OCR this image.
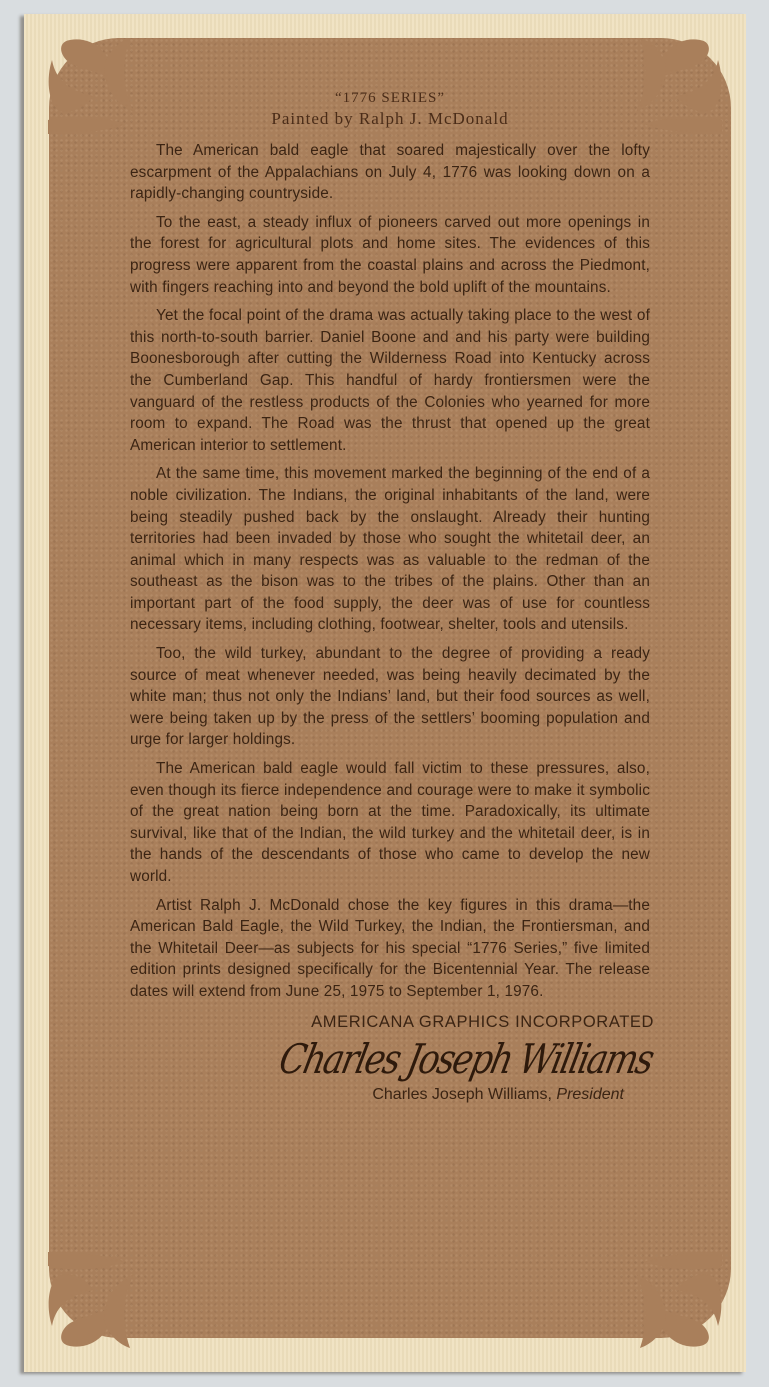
“1776 SERIES”

Painted by Ralph J. McDonald

The American bald eagle that soared majestically over the lofty escarpment of the Appalachians on July 4, 1776 was looking down on a rapidly-changing countryside.

To the east, a steady influx of pioneers carved out more openings in the forest for agricultural plots and home sites. The evidences of this progress were apparent from the coastal plains and across the Piedmont, with fingers reaching into and beyond the bold uplift of the mountains.

Yet the focal point of the drama was actually taking place to the west of this north-to-south barrier. Daniel Boone and and his party were building Boonesborough after cutting the Wilderness Road into Kentucky across the Cumberland Gap. This handful of hardy frontiersmen were the vanguard of the restless products of the Colonies who yearned for more room to expand. The Road was the thrust that opened up the great American interior to settlement.

At the same time, this movement marked the beginning of the end of a noble civilization. The Indians, the original inhabitants of the land, were being steadily pushed back by the onslaught. Already their hunting territories had been invaded by those who sought the whitetail deer, an animal which in many respects was as valuable to the redman of the southeast as the bison was to the tribes of the plains. Other than an important part of the food supply, the deer was of use for countless necessary items, including clothing, footwear, shelter, tools and utensils.

Too, the wild turkey, abundant to the degree of providing a ready source of meat whenever needed, was being heavily decimated by the white man; thus not only the Indians’ land, but their food sources as well, were being taken up by the press of the settlers’ booming population and urge for larger holdings.

The American bald eagle would fall victim to these pressures, also, even though its fierce independence and courage were to make it symbolic of the great nation being born at the time. Paradoxically, its ultimate survival, like that of the Indian, the wild turkey and the whitetail deer, is in the hands of the descendants of those who came to develop the new world.

Artist Ralph J. McDonald chose the key figures in this drama—the American Bald Eagle, the Wild Turkey, the Indian, the Frontiersman, and the Whitetail Deer—as subjects for his special “1776 Series,” five limited edition prints designed specifically for the Bicentennial Year. The release dates will extend from June 25, 1975 to September 1, 1976.

AMERICANA GRAPHICS INCORPORATED
Charles Joseph Williams
Charles Joseph Williams, President
